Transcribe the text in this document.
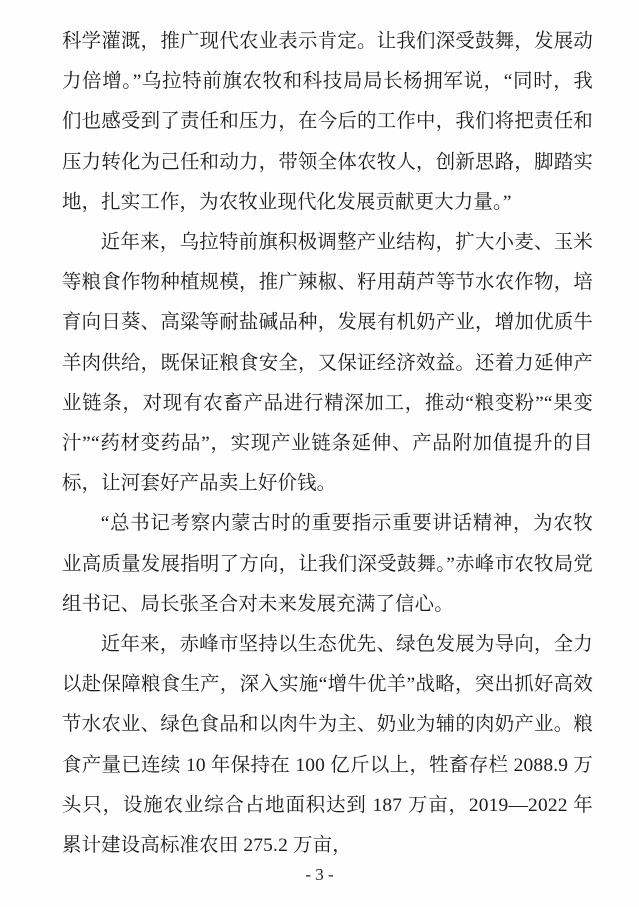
科学灌溉，推广现代农业表示肯定。让我们深受鼓舞，发展动力倍增。”乌拉特前旗农牧和科技局局长杨拥军说，“同时，我们也感受到了责任和压力，在今后的工作中，我们将把责任和压力转化为己任和动力，带领全体农牧人，创新思路，脚踏实地，扎实工作，为农牧业现代化发展贡献更大力量。”

近年来，乌拉特前旗积极调整产业结构，扩大小麦、玉米等粮食作物种植规模，推广辣椒、籽用葫芦等节水农作物，培育向日葵、高粱等耐盐碱品种，发展有机奶产业，增加优质牛羊肉供给，既保证粮食安全，又保证经济效益。还着力延伸产业链条，对现有农畜产品进行精深加工，推动“粮变粉”“果变汁”“药材变药品”，实现产业链条延伸、产品附加值提升的目标，让河套好产品卖上好价钱。

“总书记考察内蒙古时的重要指示重要讲话精神，为农牧业高质量发展指明了方向，让我们深受鼓舞。”赤峰市农牧局党组书记、局长张圣合对未来发展充满了信心。

近年来，赤峰市坚持以生态优先、绿色发展为导向，全力以赴保障粮食生产，深入实施“增牛优羊”战略，突出抓好高效节水农业、绿色食品和以肉牛为主、奶业为辅的肉奶产业。粮食产量已连续 10 年保持在 100 亿斤以上，牲畜存栏 2088.9 万头只，设施农业综合占地面积达到 187 万亩，2019—2022 年累计建设高标准农田 275.2 万亩，

- 3 -
